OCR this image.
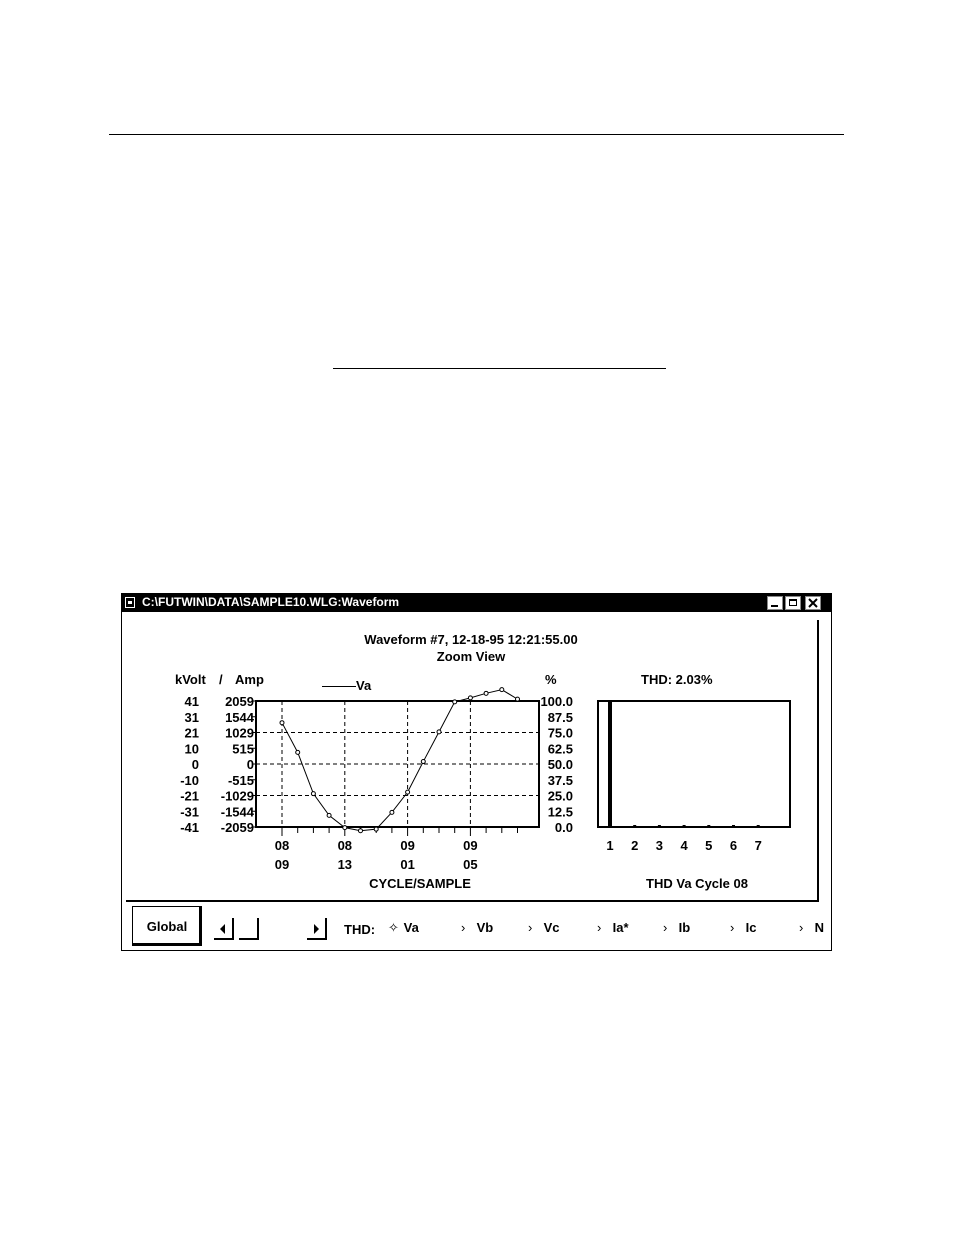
C:\FUTWIN\DATA\SAMPLE10.WLG:Waveform
Waveform #7, 12-18-95 12:21:55.00
Zoom View
kVolt / Amp	%	THD: 2.03%
Va
41
31
21
10
0
-10
-21
-31
-41
2059
1544
1029
515
0
-515
-1029
-1544
-2059
100.0
87.5
75.0
62.5
50.0
37.5
25.0
12.5
0.0
08
09
08
13
09
01
09
05
1 2 3 4 5 6 7
CYCLE/SAMPLE	THD Va Cycle 08
Global	THD: ✧ Va	› Vb	› Vc	› Ia*	› Ib	› Ic	› N
